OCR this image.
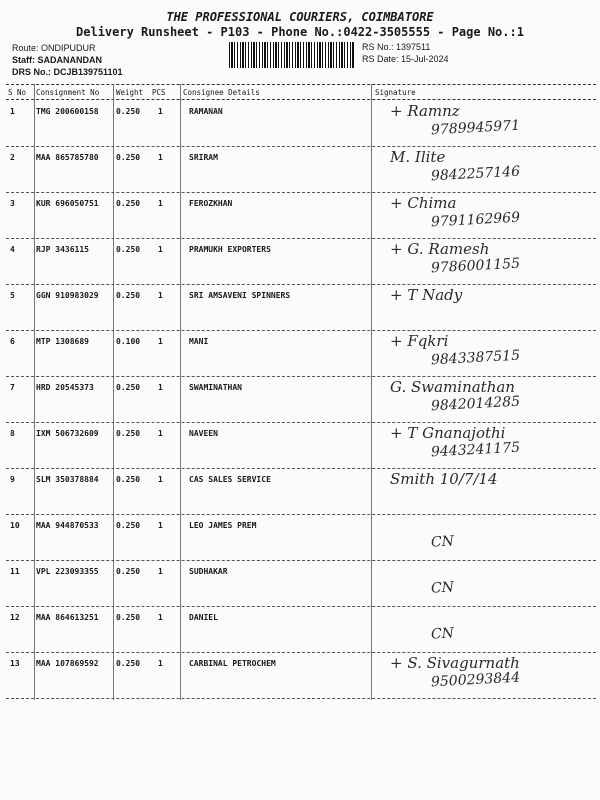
THE PROFESSIONAL COURIERS, COIMBATORE
Delivery Runsheet - P103 - Phone No.:0422-3505555 - Page No.:1
Route: ONDIPUDUR
Staff: SADANANDAN
DRS No.: DCJB139751101
RS No.: 1397511
RS Date: 15-Jul-2024
S No Consignment No Weight PCS Consignee Details	Signature
1	TMG 200600158 0.250 1	RAMANAN	+ Ramnz
9789945971
2	MAA 865785780 0.250 1	SRIRAM	M. Ilite
9842257146
3	KUR 696050751 0.250 1	FEROZKHAN	+ Chima
9791162969
4	RJP 3436115	0.250 1	PRAMUKH EXPORTERS	+ G. Ramesh
9786001155
5	GGN 910983029 0.250 1	SRI AMSAVENI SPINNERS	+ T Nady
6	MTP 1308689	0.100 1	MANI	+ Fqkri
9843387515
7	HRD 20545373	0.250 1	SWAMINATHAN	G. Swaminathan
9842014285
8	IXM 506732609 0.250 1	NAVEEN	+ T Gnanajothi
9443241175
9	SLM 350378884 0.250 1	CAS SALES SERVICE	Smith 10/7/14
10 MAA 944870533 0.250 1	LEO JAMES PREM
CN
11 VPL 223093355 0.250 1	SUDHAKAR
CN
12 MAA 864613251 0.250 1	DANIEL
CN
13 MAA 107869592 0.250 1	CARBINAL PETROCHEM	+ S. Sivagurnath
9500293844
